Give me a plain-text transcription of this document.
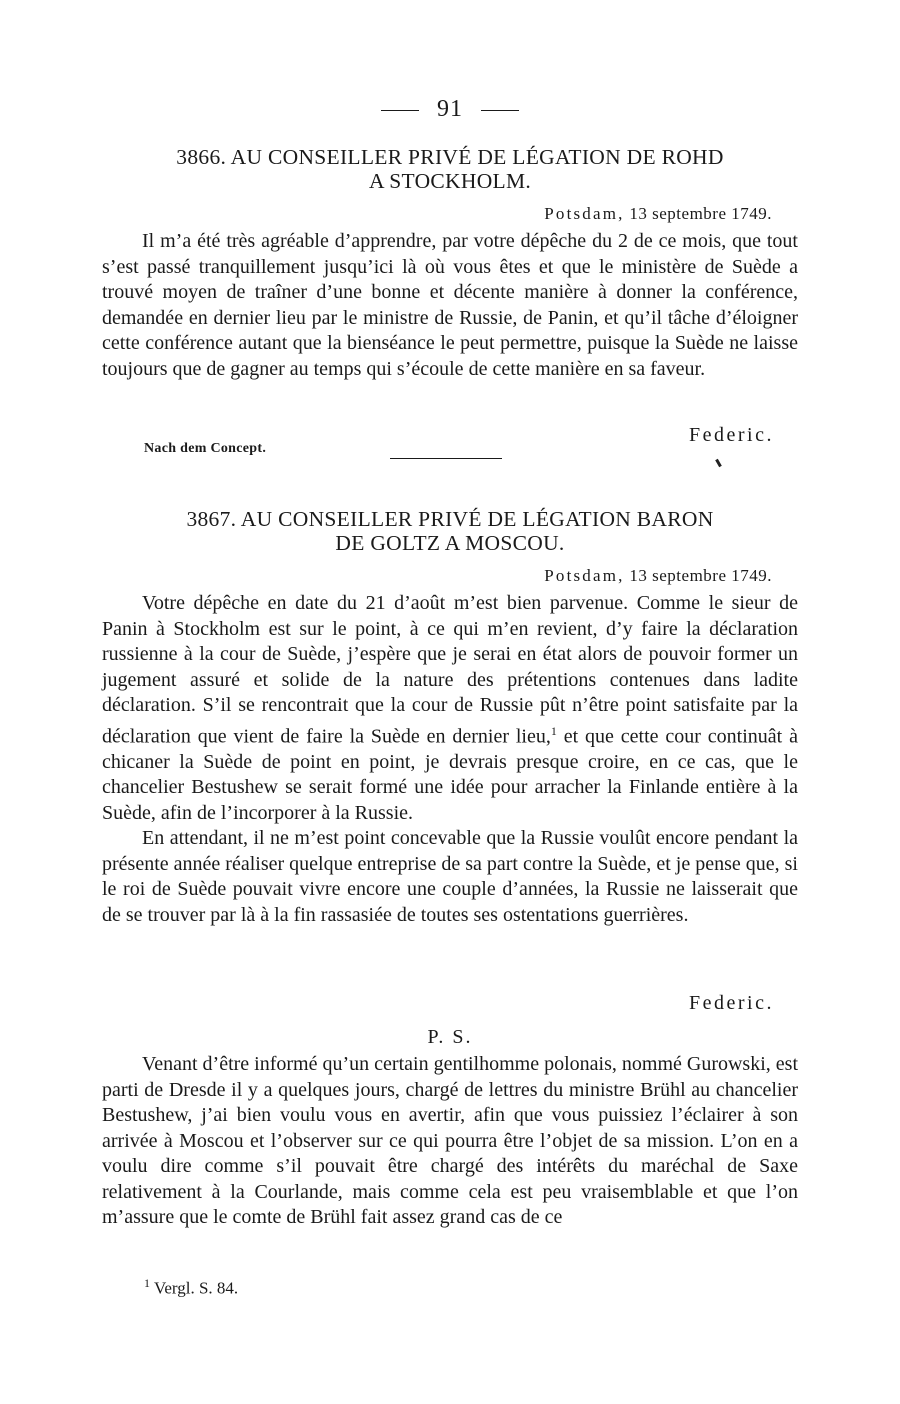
91
3866. AU CONSEILLER PRIVÉ DE LÉGATION DE ROHD
A STOCKHOLM.
Potsdam, 13 septembre 1749.
Il m’a été très agréable d’apprendre, par votre dépêche du 2 de ce mois, que tout s’est passé tranquillement jusqu’ici là où vous êtes et que le ministère de Suède a trouvé moyen de traîner d’une bonne et décente manière à donner la conférence, demandée en dernier lieu par le ministre de Russie, de Panin, et qu’il tâche d’éloigner cette conférence autant que la bienséance le peut permettre, puisque la Suède ne laisse toujours que de gagner au temps qui s’écoule de cette manière en sa faveur.
Federic.
Nach dem Concept.
3867. AU CONSEILLER PRIVÉ DE LÉGATION BARON
DE GOLTZ A MOSCOU.
Potsdam, 13 septembre 1749.
Votre dépêche en date du 21 d’août m’est bien parvenue. Comme le sieur de Panin à Stockholm est sur le point, à ce qui m’en revient, d’y faire la déclaration russienne à la cour de Suède, j’espère que je serai en état alors de pouvoir former un jugement assuré et solide de la nature des prétentions contenues dans ladite déclaration. S’il se rencontrait que la cour de Russie pût n’être point satisfaite par la déclaration que vient de faire la Suède en dernier lieu,$^1$ et que cette cour continuât à chicaner la Suède de point en point, je devrais presque croire, en ce cas, que le chancelier Bestushew se serait formé une idée pour arracher la Finlande entière à la Suède, afin de l’incorporer à la Russie.
En attendant, il ne m’est point concevable que la Russie voulût encore pendant la présente année réaliser quelque entreprise de sa part contre la Suède, et je pense que, si le roi de Suède pouvait vivre encore une couple d’années, la Russie ne laisserait que de se trouver par là à la fin rassasiée de toutes ses ostentations guerrières.
Federic.
P. S.
Venant d’être informé qu’un certain gentilhomme polonais, nommé Gurowski, est parti de Dresde il y a quelques jours, chargé de lettres du ministre Brühl au chancelier Bestushew, j’ai bien voulu vous en avertir, afin que vous puissiez l’éclairer à son arrivée à Moscou et l’observer sur ce qui pourra être l’objet de sa mission. L’on en a voulu dire comme s’il pouvait être chargé des intérêts du maréchal de Saxe relativement à la Courlande, mais comme cela est peu vraisemblable et que l’on m’assure que le comte de Brühl fait assez grand cas de ce
$^1$ Vergl. S. 84.
